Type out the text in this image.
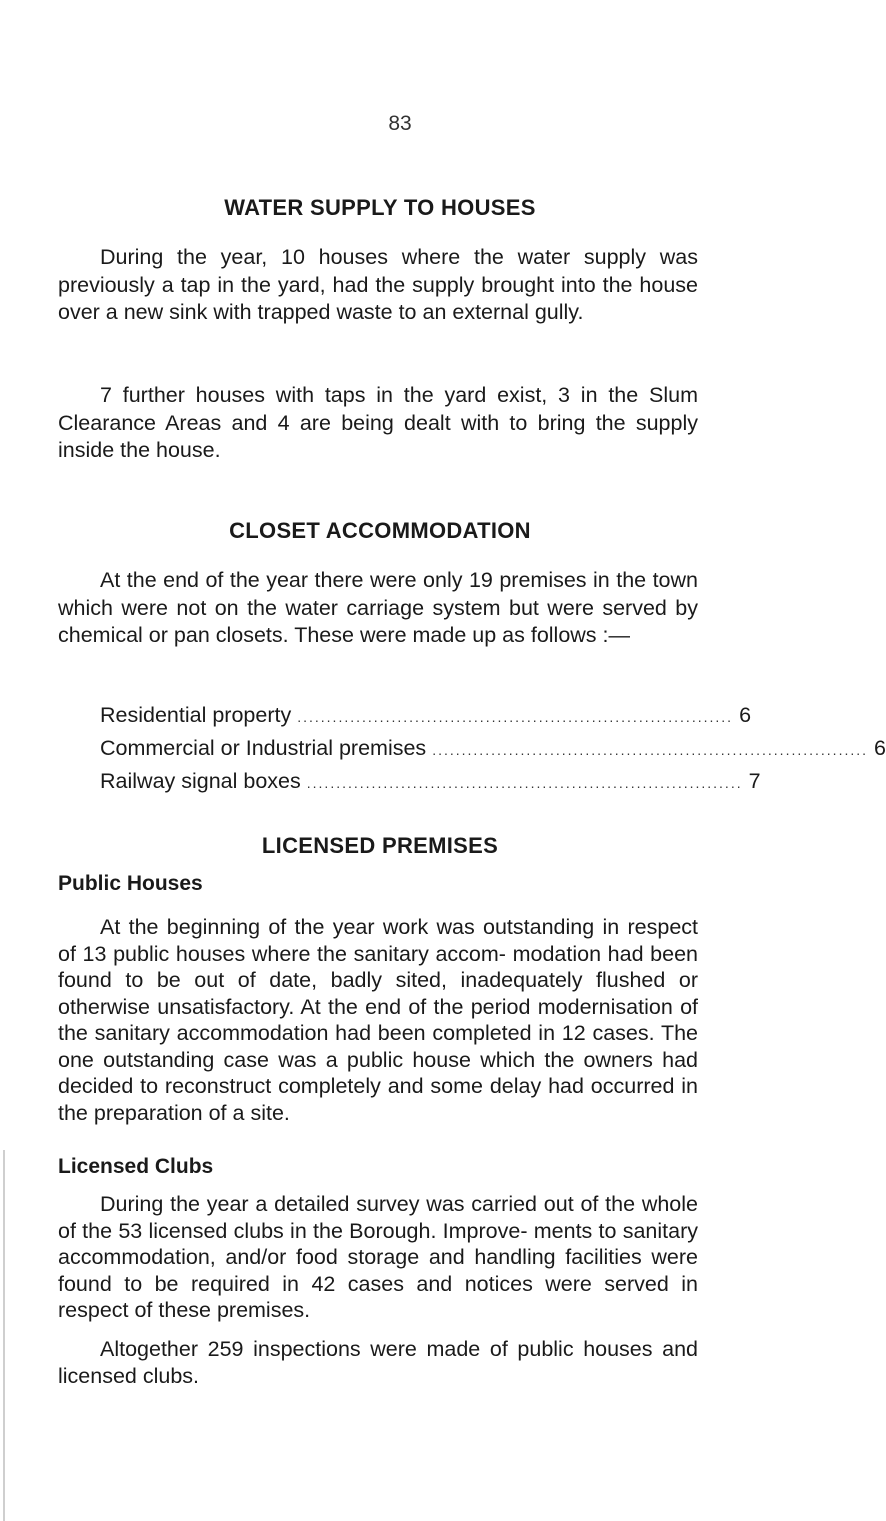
83
WATER SUPPLY TO HOUSES

During the year, 10 houses where the water supply was previously a tap in the yard, had the supply brought into the house over a new sink with trapped waste to an external gully.

7 further houses with taps in the yard exist, 3 in the Slum Clearance Areas and 4 are being dealt with to bring the supply inside the house.

CLOSET ACCOMMODATION

At the end of the year there were only 19 premises in the town which were not on the water carriage system but were served by chemical or pan closets. These were made up as follows :—

Residential property .......................................................................... 6
Commercial or Industrial premises .......................................................................... 6
Railway signal boxes .......................................................................... 7
LICENSED PREMISES
Public Houses

At the beginning of the year work was outstanding in respect of 13 public houses where the sanitary accom- modation had been found to be out of date, badly sited, inadequately flushed or otherwise unsatisfactory. At the end of the period modernisation of the sanitary accommodation had been completed in 12 cases. The one outstanding case was a public house which the owners had decided to reconstruct completely and some delay had occurred in the preparation of a site.

Licensed Clubs

During the year a detailed survey was carried out of the whole of the 53 licensed clubs in the Borough. Improve- ments to sanitary accommodation, and/or food storage and handling facilities were found to be required in 42 cases and notices were served in respect of these premises.

Altogether 259 inspections were made of public houses and licensed clubs.
